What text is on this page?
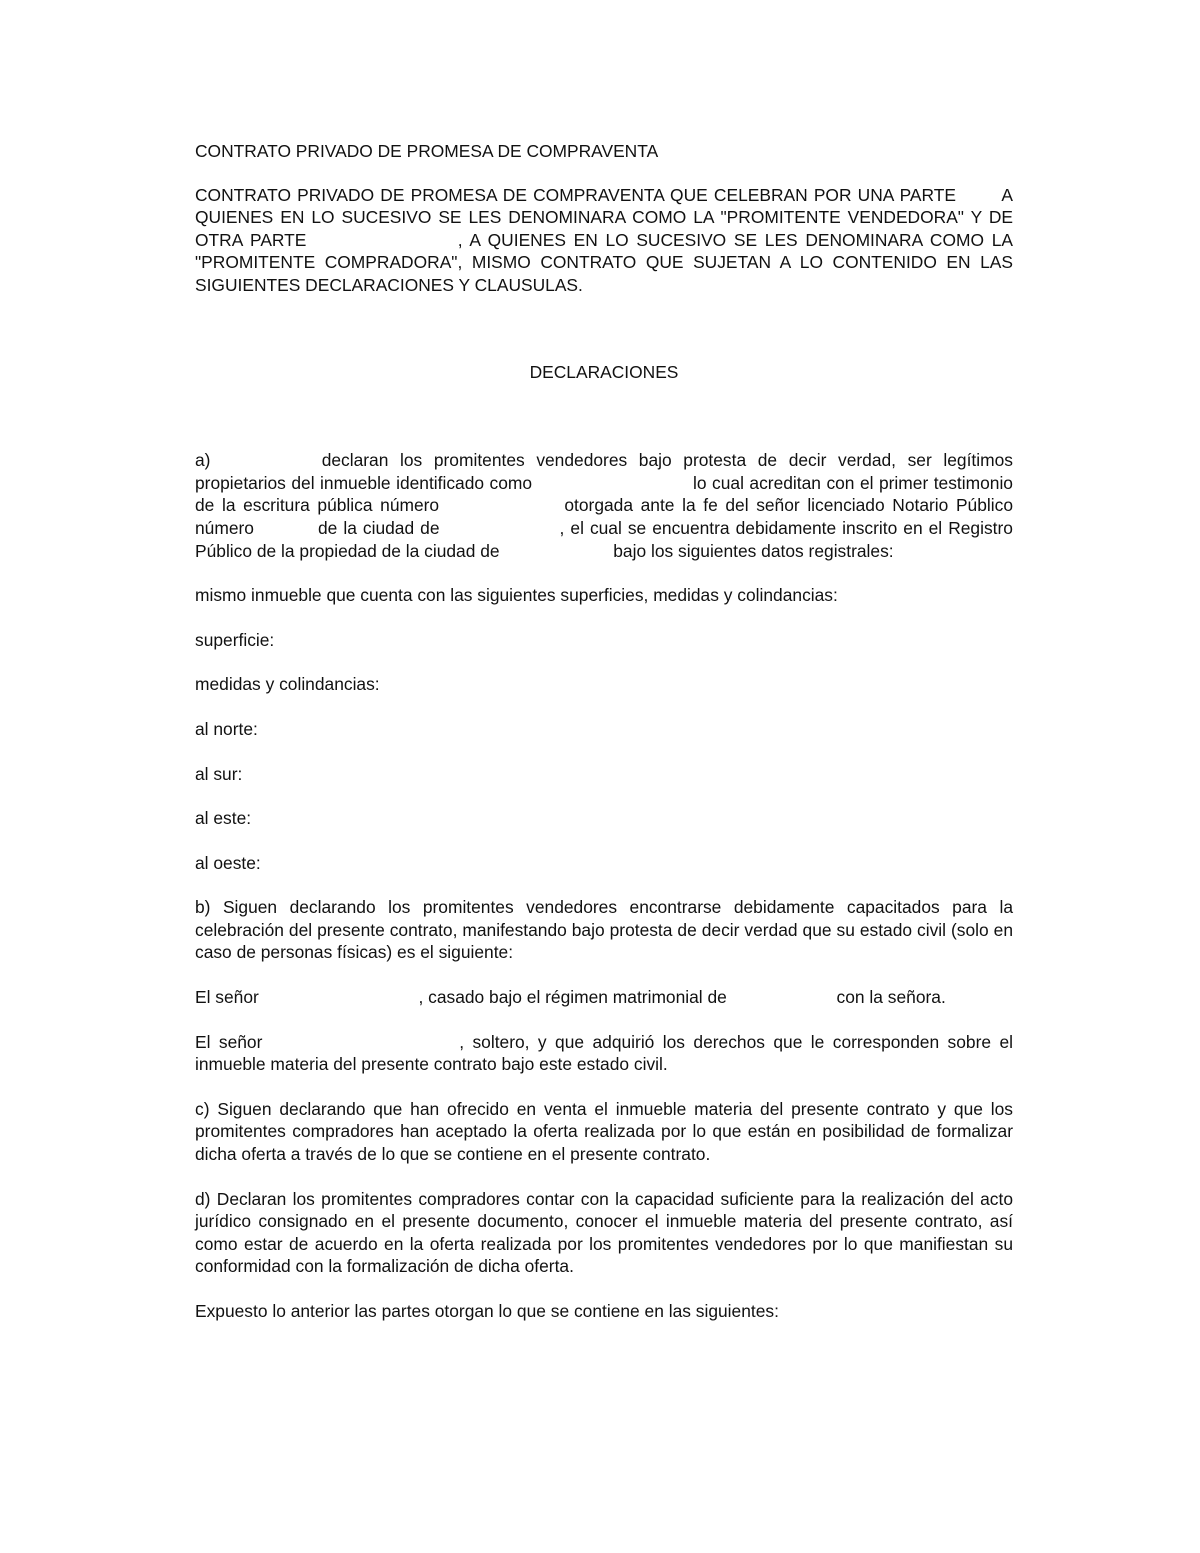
CONTRATO PRIVADO DE PROMESA DE COMPRAVENTA

CONTRATO PRIVADO DE PROMESA DE COMPRAVENTA QUE CELEBRAN POR UNA PARTE	A QUIENES EN LO SUCESIVO SE LES DENOMINARA COMO LA "PROMITENTE VENDEDORA" Y DE OTRA PARTE	, A QUIENES EN LO SUCESIVO SE LES DENOMINARA COMO LA "PROMITENTE COMPRADORA", MISMO CONTRATO QUE SUJETAN A LO CONTENIDO EN LAS SIGUIENTES DECLARACIONES Y CLAUSULAS.

DECLARACIONES

a)	declaran los promitentes vendedores bajo protesta de decir verdad, ser legítimos propietarios del inmueble identificado como	lo cual acreditan con el primer testimonio de la escritura pública número	otorgada ante la fe del señor licenciado Notario Público número	de la ciudad de	, el cual se encuentra debidamente inscrito en el Registro Público de la propiedad de la ciudad de	bajo los siguientes datos registrales:

mismo inmueble que cuenta con las siguientes superficies, medidas y colindancias:

superficie:

medidas y colindancias:

al norte:

al sur:

al este:

al oeste:

b) Siguen declarando los promitentes vendedores encontrarse debidamente capacitados para la celebración del presente contrato, manifestando bajo protesta de decir verdad que su estado civil (solo en caso de personas físicas) es el siguiente:

El señor	, casado bajo el régimen matrimonial de	con la señora.

El señor	, soltero, y que adquirió los derechos que le corresponden sobre el inmueble materia del presente contrato bajo este estado civil.

c) Siguen declarando que han ofrecido en venta el inmueble materia del presente contrato y que los promitentes compradores han aceptado la oferta realizada por lo que están en posibilidad de formalizar dicha oferta a través de lo que se contiene en el presente contrato.

d) Declaran los promitentes compradores contar con la capacidad suficiente para la realización del acto jurídico consignado en el presente documento, conocer el inmueble materia del presente contrato, así como estar de acuerdo en la oferta realizada por los promitentes vendedores por lo que manifiestan su conformidad con la formalización de dicha oferta.

Expuesto lo anterior las partes otorgan lo que se contiene en las siguientes:
